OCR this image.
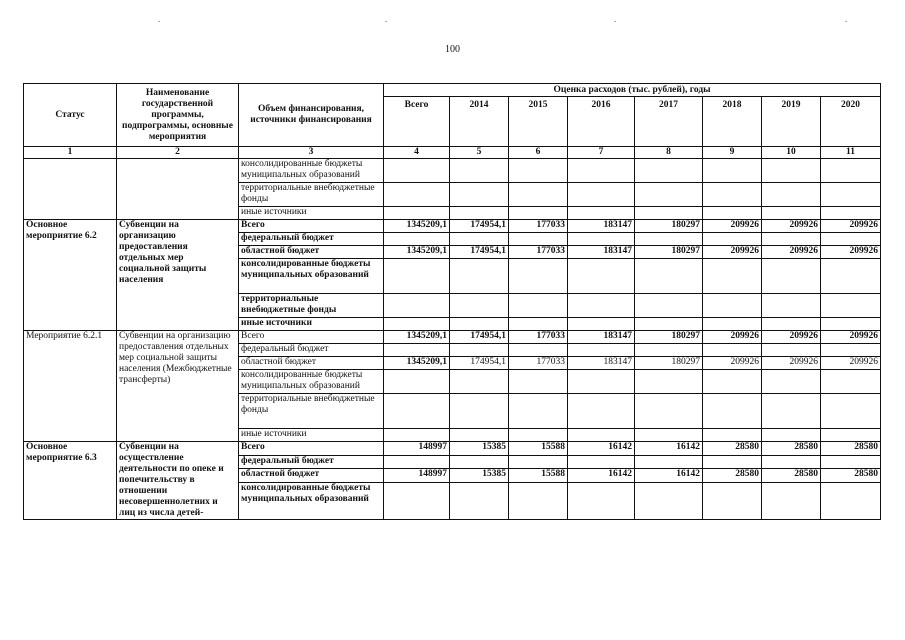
.	.	.	.
100
Статус	Наименование государственной программы, подпрограммы, основные мероприятия	Объем финансирования, источники финансирования	Оценка расходов (тыс. рублей), годы							
			Всего	2014	2015	2016	2017	2018	2019	2020
1	2	3	4	5	6	7	8	9	10	11
		консолидированные бюджеты муниципальных образований								
		территориальные внебюджетные фонды								
		иные источники								
Основное мероприятие 6.2	Субвенции на организацию предоставления отдельных мер социальной защиты населения	Всего	1345209,1	174954,1	177033	183147	180297	209926	209926	209926
		федеральный бюджет								
		областной бюджет	1345209,1	174954,1	177033	183147	180297	209926	209926	209926
		консолидированные бюджеты муниципальных образований								
		территориальные внебюджетные фонды								
		иные источники								
Мероприятие 6.2.1	Субвенции на организацию предоставления отдельных мер социальной защиты населения (Межбюджетные трансферты)	Всего	1345209,1	174954,1	177033	183147	180297	209926	209926	209926
		федеральный бюджет								
		областной бюджет	1345209,1	174954,1	177033	183147	180297	209926	209926	209926
		консолидированные бюджеты муниципальных образований								
		территориальные внебюджетные фонды								
		иные источники								
Основное мероприятие 6.3	Субвенции на осуществление деятельности по опеке и попечительству в отношении несовершеннолетних и лиц из числа детей-	Всего	148997	15385	15588	16142	16142	28580	28580	28580
		федеральный бюджет								
		областной бюджет	148997	15385	15588	16142	16142	28580	28580	28580
		консолидированные бюджеты муниципальных образований								
